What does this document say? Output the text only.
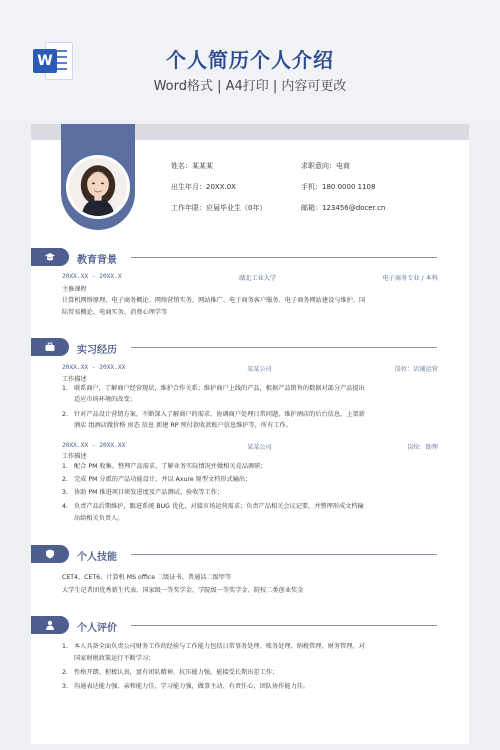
W	个人简历个人介绍
Word格式 | A4打印 | 内容可更改
姓名：某某某	求职意向：电商
出生年月：20XX.0X	手机：180 0000 1108
工作年限：应届毕业生（0年）	邮箱：123456@docer.cn
教育背景
20XX.XX - 20XX.X	湖北工业大学	电子商务专业 / 本科
主修课程
计算机网络原理、电子商务概论、网络营销实务、网站推广、电子商务客户服务、电子商务网站建设与维护、国
际贸易概论、电商实务、消费心理学等
实习经历
20XX.XX - 20XX.XX	某某公司	岗位：店铺运营
工作描述
1. 联系商户，了解商户经营现状，维护合作关系；维护商户上线的产品，根据产品销售的数据对部分产品提出
适应市场环境的改变；
2. 针对产品设计营销方案，不断深入了解商户的需求，协调商户处理日常问题，维护酒店的后台信息，上架新
酒店 组酒店做价格 房态 信息 新建 RP 预付款收款账户信息维护等，所有工作。
20XX.XX - 20XX.XX	某某公司	岗位：助理
工作描述
1. 配合 PM 收集、整理产品需求，了解业务实际情况并做相关竞品调研；
2. 完成 PM 分派的产品功能设计，并以 Axure 原型文档形式输出；
3. 协助 PM 推进项目研发进度及产品测试、验收等工作；
4. 负责产品后期维护，跟进系统 BUG 优化，对接市场运营需求；负责产品相关会议记要，并整理形成文档输
出给相关负责人。
个人技能
CET4、CET6、计算机 MS office 二级证书、普通话二级甲等
大学生记者团优秀新生代表、国家级一等奖学金、学院级一等奖学金、院校二类创业奖金
个人评价
1. 本人具备全面负责公司财务工作的经验与工作能力包括日常事务处理、账务处理、纳税管理、财务管理。对
国家财税政策运行不断学习；
2. 性格开朗、积极认真，富有团队精神，抗压能力强，能接受长期出差工作；
3. 沟通表达能力强，亲和能力佳，学习能力强，做事主动、有责任心，团队协作能力佳。
